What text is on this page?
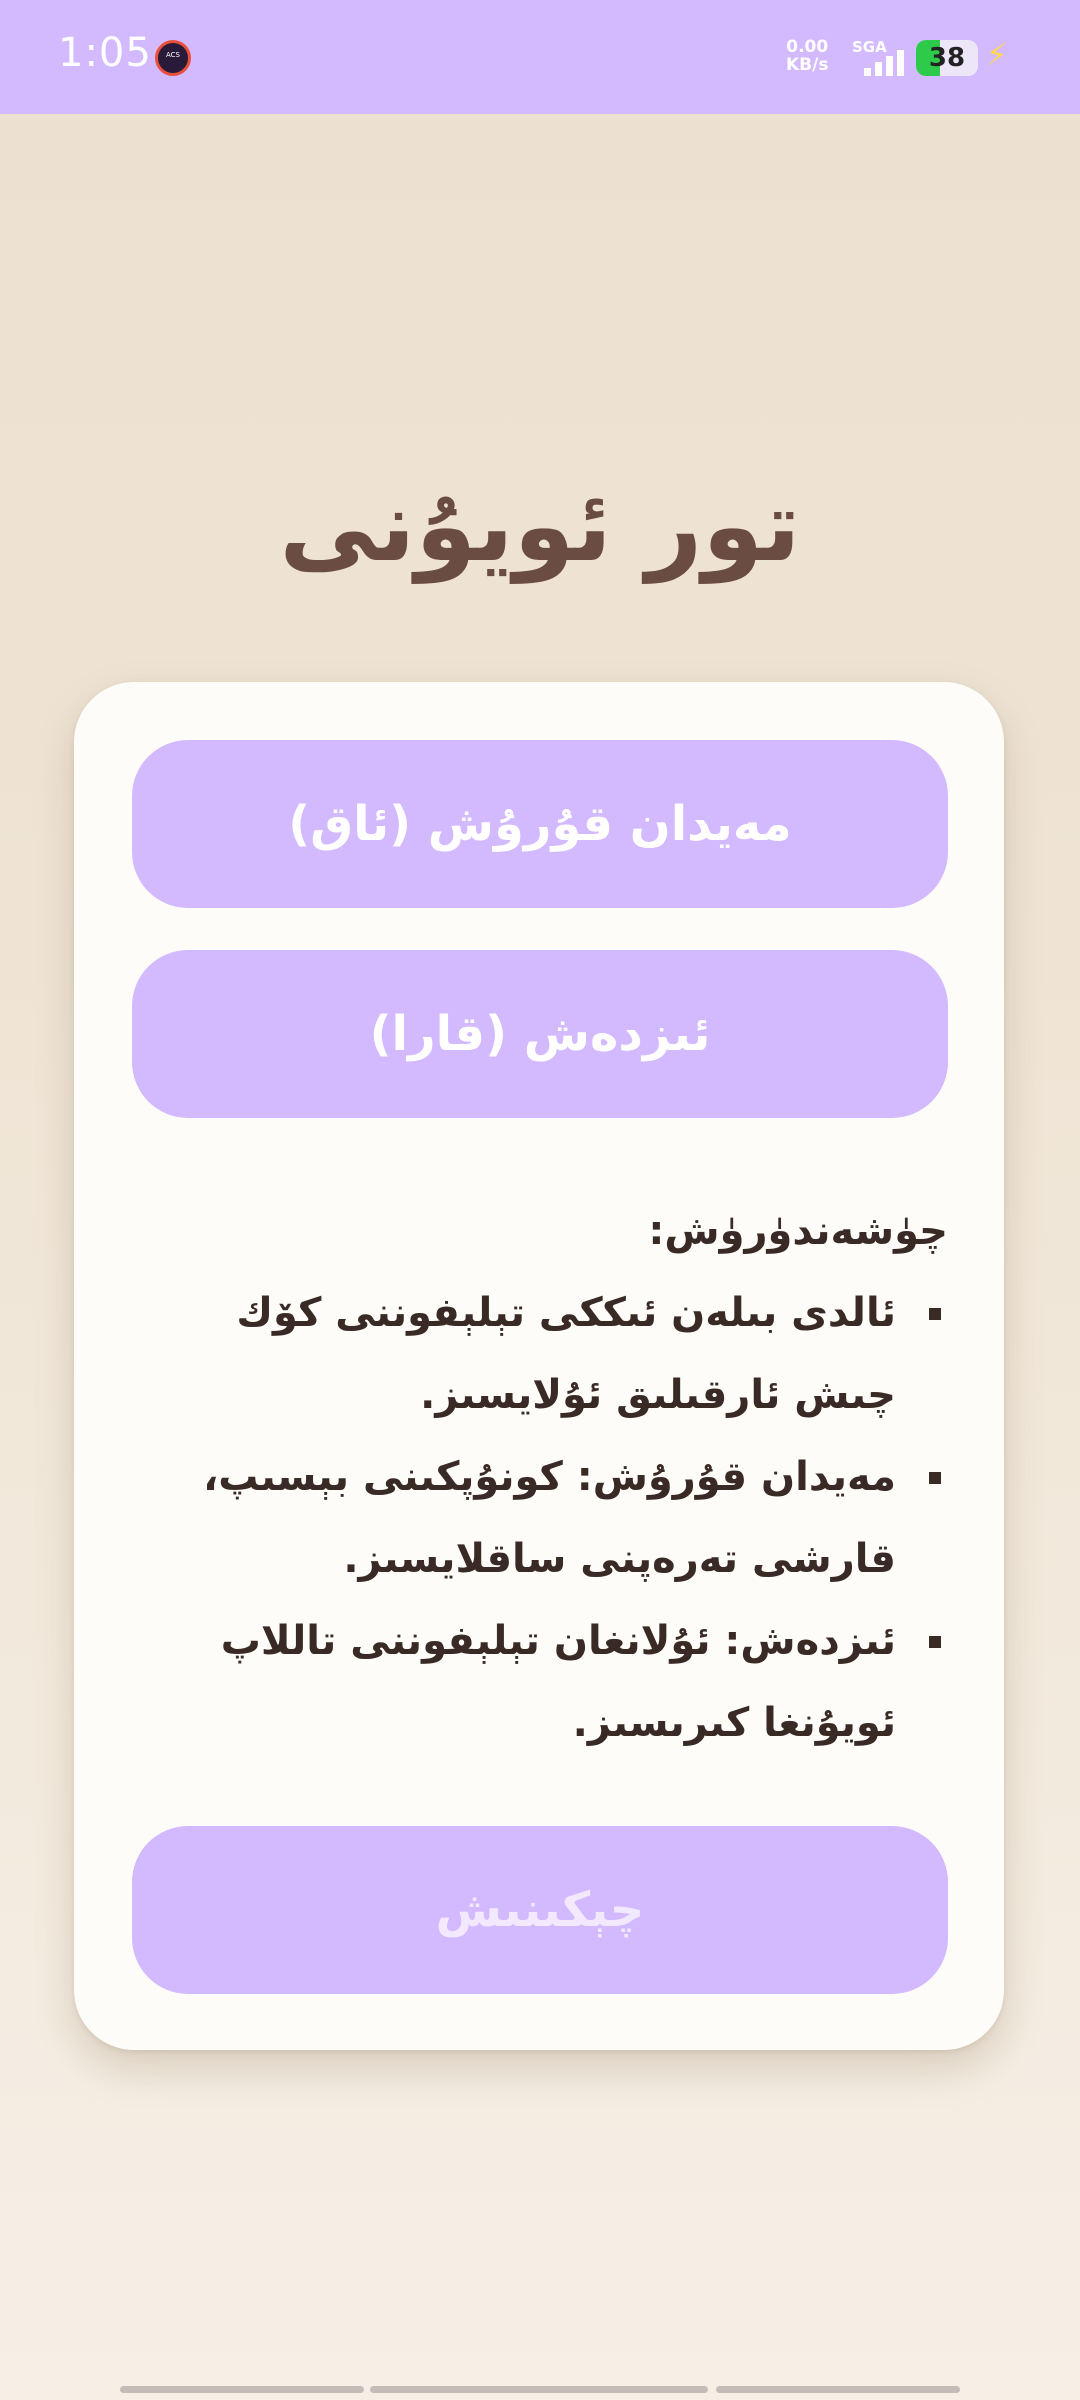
1:05	ACS	0.00
KB/s
SGA	38 ⚡
تور ئويۇنى
مەيدان قۇرۇش (ئاق)
ئىزدەش (قارا)

چۈشەندۈرۈش:

▪ ئالدى بىلەن ئىككى تېلېفوننى كۆك چىش ئارقىلىق ئۇلايسىز.
▪ مەيدان قۇرۇش: كونۇپكىنى بېسىپ، قارشى تەرەپنى ساقلايسىز.
▪ ئىزدەش: ئۇلانغان تېلېفوننى تاللاپ ئويۇنغا كىرىسىز.
چېكىنىش
